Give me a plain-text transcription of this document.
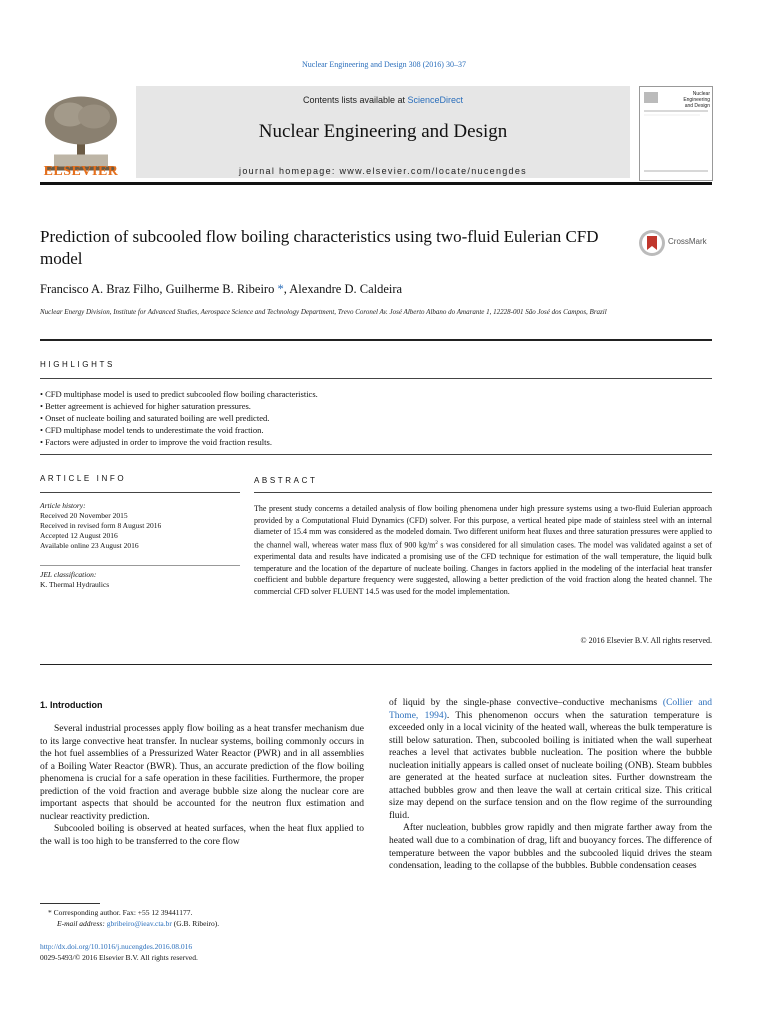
Nuclear Engineering and Design 308 (2016) 30–37
ELSEVIER
Contents lists available at ScienceDirect
Nuclear Engineering and Design
journal homepage: www.elsevier.com/locate/nucengdes
Nuclear Engineering
and Design
Prediction of subcooled flow boiling characteristics using two-fluid Eulerian CFD model
CrossMark
Francisco A. Braz Filho, Guilherme B. Ribeiro *, Alexandre D. Caldeira
Nuclear Energy Division, Institute for Advanced Studies, Aerospace Science and Technology Department, Trevo Coronel Av. José Alberto Albano do Amarante 1, 12228-001 São José dos Campos, Brazil
HIGHLIGHTS
• CFD multiphase model is used to predict subcooled flow boiling characteristics.
• Better agreement is achieved for higher saturation pressures.
• Onset of nucleate boiling and saturated boiling are well predicted.
• CFD multiphase model tends to underestimate the void fraction.
• Factors were adjusted in order to improve the void fraction results.
ARTICLE INFO
Article history:
Received 20 November 2015
Received in revised form 8 August 2016
Accepted 12 August 2016
Available online 23 August 2016
JEL classification:
K. Thermal Hydraulics
ABSTRACT
The present study concerns a detailed analysis of flow boiling phenomena under high pressure systems using a two-fluid Eulerian approach provided by a Computational Fluid Dynamics (CFD) solver. For this purpose, a vertical heated pipe made of stainless steel with an internal diameter of 15.4 mm was considered as the modeled domain. Two different uniform heat fluxes and three saturation pressures were applied to the channel wall, whereas water mass flux of 900 $kg/m^2$ s was considered for all simulation cases. The model was validated against a set of experimental data and results have indicated a promising use of the CFD technique for estimation of the wall temperature, the liquid bulk temperature and the location of the departure of nucleate boiling. Changes in factors applied in the modeling of the interfacial heat transfer coefficient and bubble departure frequency were suggested, allowing a better prediction of the void fraction along the heated channel. The commercial CFD solver FLUENT 14.5 was used for the model implementation.
© 2016 Elsevier B.V. All rights reserved.
1. Introduction

Several industrial processes apply flow boiling as a heat transfer mechanism due to its large convective heat transfer. In nuclear systems, boiling commonly occurs in the hot fuel assemblies of a Pressurized Water Reactor (PWR) and in all assemblies of a Boiling Water Reactor (BWR). Thus, an accurate prediction of the flow boiling phenomena is crucial for a safe operation in these facilities. Furthermore, the proper prediction of the void fraction and average bubble size along the nuclear core are important aspects that should be accounted for the neutron flux estimation and nuclear reactivity prediction.

Subcooled boiling is observed at heated surfaces, when the heat flux applied to the wall is too high to be transferred to the core flow

* Corresponding author. Fax: +55 12 39441177.
E-mail address: gbribeiro@ieav.cta.br (G.B. Ribeiro).
http://dx.doi.org/10.1016/j.nucengdes.2016.08.016
0029-5493/© 2016 Elsevier B.V. All rights reserved.

of liquid by the single-phase convective–conductive mechanisms (Collier and Thome, 1994). This phenomenon occurs when the saturation temperature is exceeded only in a local vicinity of the heated wall, whereas the bulk temperature is still below saturation. Then, subcooled boiling is initiated when the wall superheat reaches a level that activates bubble nucleation. The position where the bubble nucleation initially appears is called onset of nucleate boiling (ONB). Steam bubbles are generated at the heated surface at nucleation sites. Further downstream the attached bubbles grow and then leave the wall at certain critical size. This critical size may depend on the surface tension and on the flow regime of the surrounding fluid.

After nucleation, bubbles grow rapidly and then migrate farther away from the heated wall due to a combination of drag, lift and buoyancy forces. The difference of temperature between the vapor bubbles and the subcooled liquid drives the steam condensation, leading to the collapse of the bubbles. Bubble condensation ceases
